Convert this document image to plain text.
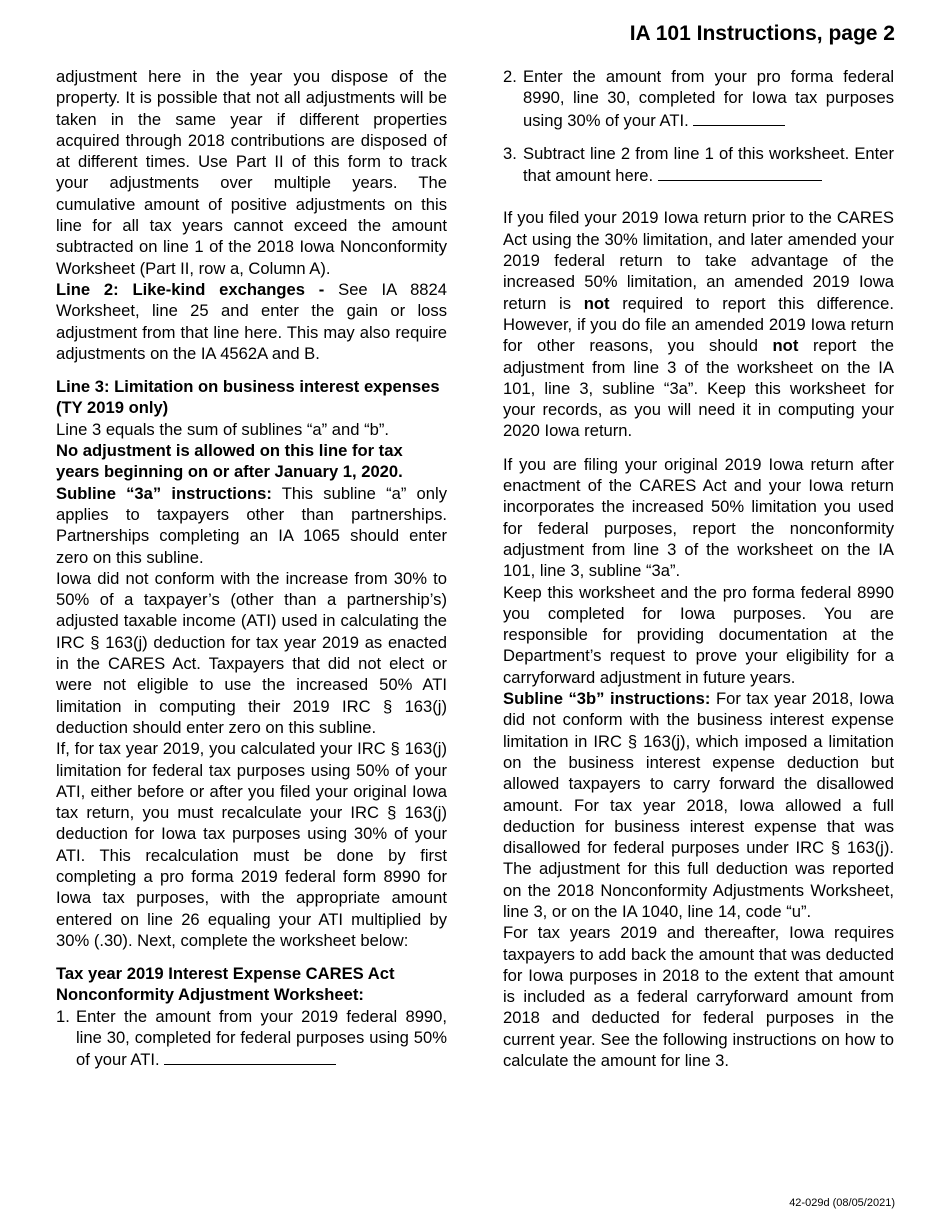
IA 101 Instructions, page 2

adjustment here in the year you dispose of the property. It is possible that not all adjustments will be taken in the same year if different properties acquired through 2018 contributions are disposed of at different times. Use Part II of this form to track your adjustments over multiple years. The cumulative amount of positive adjustments on this line for all tax years cannot exceed the amount subtracted on line 1 of the 2018 Iowa Nonconformity Worksheet (Part II, row a, Column A).

Line 2: Like-kind exchanges - See IA 8824 Worksheet, line 25 and enter the gain or loss adjustment from that line here. This may also require adjustments on the IA 4562A and B.

Line 3: Limitation on business interest expenses (TY 2019 only)

Line 3 equals the sum of sublines “a” and “b”.

No adjustment is allowed on this line for tax years beginning on or after January 1, 2020.

Subline “3a” instructions: This subline “a” only applies to taxpayers other than partnerships. Partnerships completing an IA 1065 should enter zero on this subline.

Iowa did not conform with the increase from 30% to 50% of a taxpayer’s (other than a partnership’s) adjusted taxable income (ATI) used in calculating the IRC § 163(j) deduction for tax year 2019 as enacted in the CARES Act. Taxpayers that did not elect or were not eligible to use the increased 50% ATI limitation in computing their 2019 IRC § 163(j) deduction should enter zero on this subline.

If, for tax year 2019, you calculated your IRC § 163(j) limitation for federal tax purposes using 50% of your ATI, either before or after you filed your original Iowa tax return, you must recalculate your IRC § 163(j) deduction for Iowa tax purposes using 30% of your ATI. This recalculation must be done by first completing a pro forma 2019 federal form 8990 for Iowa tax purposes, with the appropriate amount entered on line 26 equaling your ATI multiplied by 30% (.30). Next, complete the worksheet below:

Tax year 2019 Interest Expense CARES Act Nonconformity Adjustment Worksheet:

1. Enter the amount from your 2019 federal 8990, line 30, completed for federal purposes using 50% of your ATI.
2. Enter the amount from your pro forma federal 8990, line 30, completed for Iowa tax purposes using 30% of your ATI.
3. Subtract line 2 from line 1 of this worksheet. Enter that amount here.

If you filed your 2019 Iowa return prior to the CARES Act using the 30% limitation, and later amended your 2019 federal return to take advantage of the increased 50% limitation, an amended 2019 Iowa return is not required to report this difference. However, if you do file an amended 2019 Iowa return for other reasons, you should not report the adjustment from line 3 of the worksheet on the IA 101, line 3, subline “3a”. Keep this worksheet for your records, as you will need it in computing your 2020 Iowa return.

If you are filing your original 2019 Iowa return after enactment of the CARES Act and your Iowa return incorporates the increased 50% limitation you used for federal purposes, report the nonconformity adjustment from line 3 of the worksheet on the IA 101, line 3, subline “3a”.

Keep this worksheet and the pro forma federal 8990 you completed for Iowa purposes. You are responsible for providing documentation at the Department’s request to prove your eligibility for a carryforward adjustment in future years.

Subline “3b” instructions: For tax year 2018, Iowa did not conform with the business interest expense limitation in IRC § 163(j), which imposed a limitation on the business interest expense deduction but allowed taxpayers to carry forward the disallowed amount. For tax year 2018, Iowa allowed a full deduction for business interest expense that was disallowed for federal purposes under IRC § 163(j). The adjustment for this full deduction was reported on the 2018 Nonconformity Adjustments Worksheet, line 3, or on the IA 1040, line 14, code “u”.

For tax years 2019 and thereafter, Iowa requires taxpayers to add back the amount that was deducted for Iowa purposes in 2018 to the extent that amount is included as a federal carryforward amount from 2018 and deducted for federal purposes in the current year. See the following instructions on how to calculate the amount for line 3.

42-029d (08/05/2021)
